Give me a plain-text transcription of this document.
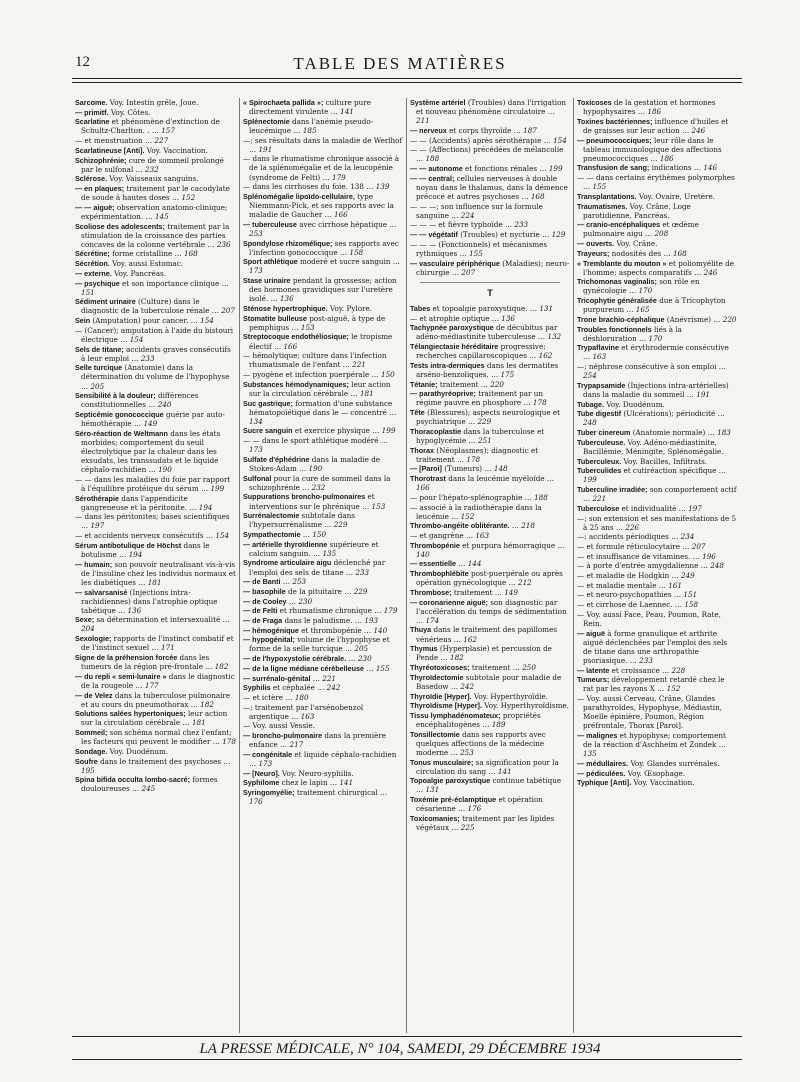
12	TABLE DES MATIÈRES
Sarcome. Voy. Intestin grêle, Joue.
— primitf. Voy. Côtes.
Scarlatine et phénomène d'extinction de Schultz-Charlton. . … 157
— et menstruation … 227
Scarlatineuse [Anti]. Voy. Vaccination.
Schizophrénie; cure de sommeil prolongé par le sulfonal … 232
Sclérose. Voy. Vaisseaux sanguins.
— en plaques; traitement par le cacodylate de soude à hautes doses … 152
— — aiguë; observation anatomo-clinique; expérimentation. … 145
Scoliose des adolescents; traitement par la stimulation de la croissance des parties concaves de la colonne vertébrale … 236
Sécrétine; forme cristalline … 168
Sécrétion. Voy. aussi Estomac.
— externe. Voy. Pancréas.
— psychique et son importance clinique … 151
Sédiment urinaire (Culture) dans le diagnostic de la tuberculose rénale … 207
Sein (Amputation) pour cancer. … 154
— (Cancer); amputation à l'aide du bistouri électrique … 154
Sels de titane; accidents graves consécutifs à leur emploi … 233
Selle turcique (Anatomie) dans la détermination du volume de l'hypophyse … 205
Sensibilité à la douleur; différences constitutionnelles … 240
Septicémie gonococcique guérie par auto-hémothérapie … 149
Séro-réaction de Weltmann dans les états morbides; comportement du seuil électrolytique par la chaleur dans les exsudats, les transsudats et le liquide céphalo-rachidien … 190
— — dans les maladies du foie par rapport à l'équilibre protéique du sérum … 199
Sérothérapie dans l'appendicite gangreneuse et la péritonite. … 194
— dans les péritonites; bases scientifiques … 197
— et accidents nerveux consécutifs … 154
Sérum antibotulique de Höchst dans le botulisme … 194
— humain; son pouvoir neutralisant vis-à-vis de l'insuline chez les individus normaux et les diabétiques … 181
— salvarsanisé (Injections intra-rachidiennes) dans l'atrophie optique tabétique … 136
Sexe; sa détermination et intersexualité … 204
Sexologie; rapports de l'instinct combatif et de l'instinct sexuel … 171
Signe de la préhension forcée dans les tumeurs de la région pré-frontale … 182
— du repli « semi-lunaire » dans le diagnostic de la rougeole … 177
— de Velez dans la tuberculose pulmonaire et au cours du pneumothorax … 182
Solutions salées hypertoniques; leur action sur la circulation cérébrale … 181
Sommeil; son schéma normal chez l'enfant; les facteurs qui peuvent le modifier … 178
Sondage. Voy. Duodénum.
Soufre dans le traitement des psychoses … 195
Spina bifida occulta lombo-sacré; formes douloureuses … 245
« Spirochaeta pallida »; culture pure directement virulente … 141
Splénectomie dans l'anémie pseudo-leucémique … 185
—; ses résultats dans la maladie de Werlhof … 191
— dans le rhumatisme chronique associé à de la splénomégalie et de la leucopénie (syndrome de Felti) … 179
— dans les cirrhoses du foie. 138 … 139
Splénomégalie lipoïdo-cellulaire, type Niemmann-Pick, et ses rapports avec la maladie de Gaucher … 166
— tuberculeuse avec cirrhose hépatique … 253
Spondylose rhizomélique; ses rapports avec l'infection gonococcique … 158
Sport athlétique modéré et sucre sanguin … 173
Stase urinaire pendant la grossesse; action des hormones gravidiques sur l'uretère isolé. … 136
Sténose hypertrophique. Voy. Pylore.
Stomatite bulleuse post-aiguë, à type de pemphigus … 153
Streptocoque endothéliosique; le tropisme électif … 166
— hémolytique; culture dans l'infection rhumatismale de l'enfant … 221
— pyogène et infection puerpérale … 150
Substances hémodynamiques; leur action sur la circulation cérébrale … 181
Suc gastrique; formation d'une substance hématopoïétique dans le — concentré … 134
Sucre sanguin et exercice physique … 199
— — dans le sport athlétique modéré … 173
Sulfate d'éphédrine dans la maladie de Stokes-Adam … 190
Sulfonal pour la cure de sommeil dans la schizophrénie … 232
Suppurations broncho-pulmonaires et interventions sur le phrénique … 153
Surrénalectomie subtotale dans l'hypersurrénalisme … 229
Sympathectomie … 150
— artérielle thyroïdienne supérieure et calcium sanguin. … 135
Syndrome articulaire aigu déclenché par l'emploi des sels de titane … 233
— de Banti … 253
— basophile de la pituitaire … 229
— de Cooley … 230
— de Felti et rhumatisme chronique … 179
— de Fraga dans le paludisme. … 193
— hémogénique et thrombopénie … 140
— hypogénital; volume de l'hypophyse et forme de la selle turcique … 205
— de l'hypoxystolie cérébrale. … 230
— de la ligne médiane cérébelleuse … 155
— surrénalo-génital … 221
Syphilis et céphalée … 242
— et ictère … 180
—; traitement par l'arsénobenzol argentique … 163
— Voy. aussi Vessie.
— broncho-pulmonaire dans la première enfance … 217
— congénitale et liquide céphalo-rachidien … 173
— [Neuro]. Voy. Neuro-syphilis.
Syphilome chez le lapin … 141
Syringomyélie; traitement chirurgical … 176
Système artériel (Troubles) dans l'irrigation et nouveau phénomène circulatoire … 211
— nerveux et corps thyroïde … 187
— — (Accidents) après sérothérapie … 154
— — (Affections) précédées de mélancolie … 188
— — autonome et fonctions rénales … 199
— — central; cellules nerveuses à double noyau dans le thalamus, dans la démence précoce et autres psychoses … 168
— — —; son influence sur la formule sanguine … 224
— — — et fièvre typhoïde … 233
— — végétatif (Troubles) et nycturie … 129
— — — (Fonctionnels) et mécanismes rythmiques … 155
— vasculaire périphérique (Maladies); neuro-chirurgie … 207
T
Tabes et topoalgie paroxystique. … 131
— et atrophie optique … 136
Tachypnée paroxystique de décubitus par adéno-médiastinite tuberculeuse … 132
Télangiectasie héréditaire progressive; recherches capillaroscopiques … 162
Tests intra-dermiques dans les dermatites arséno-benzoliques. … 175
Tétanie; traitement … 220
— parathyréoprive; traitement par un régime pauvre en phosphore … 178
Tête (Blessures); aspects neurologique et psychiatrique … 229
Thoracoplastie dans la tuberculose et hypoglycémie … 251
Thorax (Néoplasmes); diagnostic et traitement … 178
— [Paroi] (Tumeurs) … 148
Thorotrast dans la leucémie myéloïde … 166
— pour l'hépato-splénographie … 188
— associé à la radiothérapie dans la leucémie … 152
Thrombo-angéite oblitérante. … 218
— et gangrène … 163
Thrombopénie et purpura hémorragique … 140
— essentielle … 144
Thrombophlébite post-puerpérale ou après opération gynécologique … 212
Thrombose; traitement … 149
— coronarienne aiguë; son diagnostic par l'accélération du temps de sédimentation … 174
Thuya dans le traitement des papillomes vénériens … 162
Thymus (Hyperplasie) et percussion de Pende … 182
Thyréotoxicoses; traitement … 250
Thyroïdectomie subtotale pour maladie de Basedow … 242
Thyroïdie [Hyper]. Voy. Hyperthyroïdie.
Thyroïdisme [Hyper]. Voy. Hyperthyroïdisme.
Tissu lymphadénomateux; propriétés encéphalitogènes … 189
Tonsillectomie dans ses rapports avec quelques affections de la médecine moderne … 253
Tonus musculaire; sa signification pour la circulation du sang … 141
Topoalgie paroxystique continue tabétique … 131
Toxémie pré-éclamptique et opération césarienne … 176
Toxicomanies; traitement par les lipides végétaux … 225
Toxicoses de la gestation et hormones hypophysaires … 186
Toxines bactériennes; influence d'huiles et de graisses sur leur action … 246
— pneumococciques; leur rôle dans le tableau immunologique des affections pneumococciques … 186
Transfusion de sang; indications … 146
— — dans certains érythèmes polymorphes … 155
Transplantations. Voy. Ovaire, Uretère.
Traumatismes. Voy. Crâne, Loge parotidienne, Pancréas.
— cranio-encéphaliques et œdème pulmonaire aigu … 208
— ouverts. Voy. Crâne.
Trayeurs; nodosités des … 168
« Tremblante du mouton » et poliomyélite de l'homme; aspects comparatifs … 246
Trichomonas vaginalis; son rôle en gynécologie … 170
Tricophytie généralisée due à Tricophyton purpureum … 165
Trone brachio-céphalique (Anévrisme) … 220
Troubles fonctionnels liés à la déshloruration … 170
Trypaflavine et érythrodermie consécutive … 163
—; néphrose consécutive à son emploi … 254
Trypарsamide (Injections intra-artérielles) dans la maladie du sommeil … 191
Tubage. Voy. Duodénum.
Tube digestif (Ulcérations); périodicité … 248
Tuber cinereum (Anatomie normale) … 183
Tuberculeuse. Voy. Adéno-médiastinite, Bacillémie, Méningite, Splénomégalie.
Tuberculeux. Voy. Bacilles, Infiltrats.
Tuberculides et cutiréaction spécifique … 199
Tuberculine irradiée; son comportement actif … 221
Tuberculose et individualité … 197
—; son extension et ses manifestations de 5 à 25 ans … 226
—; accidents périodiques … 234
— et formule réticulocytaire … 207
— et insuffisance de vitamines. … 196
— à porte d'entrée amygdalienne … 248
— et maladie de Hodgkin … 249
— et maladie mentale … 161
— et neuro-psychopathies … 151
— et cirrhose de Laennec. … 158
— Voy. aussi Face, Peau, Poumon, Rate, Rein.
— aiguë à forme granulique et arthrite aiguë déclenchées par l'emploi des sels de titane dans une arthropathie psoriasique. … 233
— latente et croissance … 228
Tumeurs; développement retardé chez le rat par les rayons X … 152
— Voy. aussi Cerveau, Crâne, Glandes parathyroïdes, Hypophyse, Médiastin, Moelle épinière, Poumon, Région préfrontale, Thorax [Paroi].
— malignes et hypophyse; comportement de la réaction d'Aschheim et Zondek … 135
— médullaires. Voy. Glandes surrénales.
— pédiculées. Voy. Œsophage.
Typhique [Anti]. Voy. Vaccination.
LA PRESSE MÉDICALE, N° 104, SAMEDI, 29 DÉCEMBRE 1934
